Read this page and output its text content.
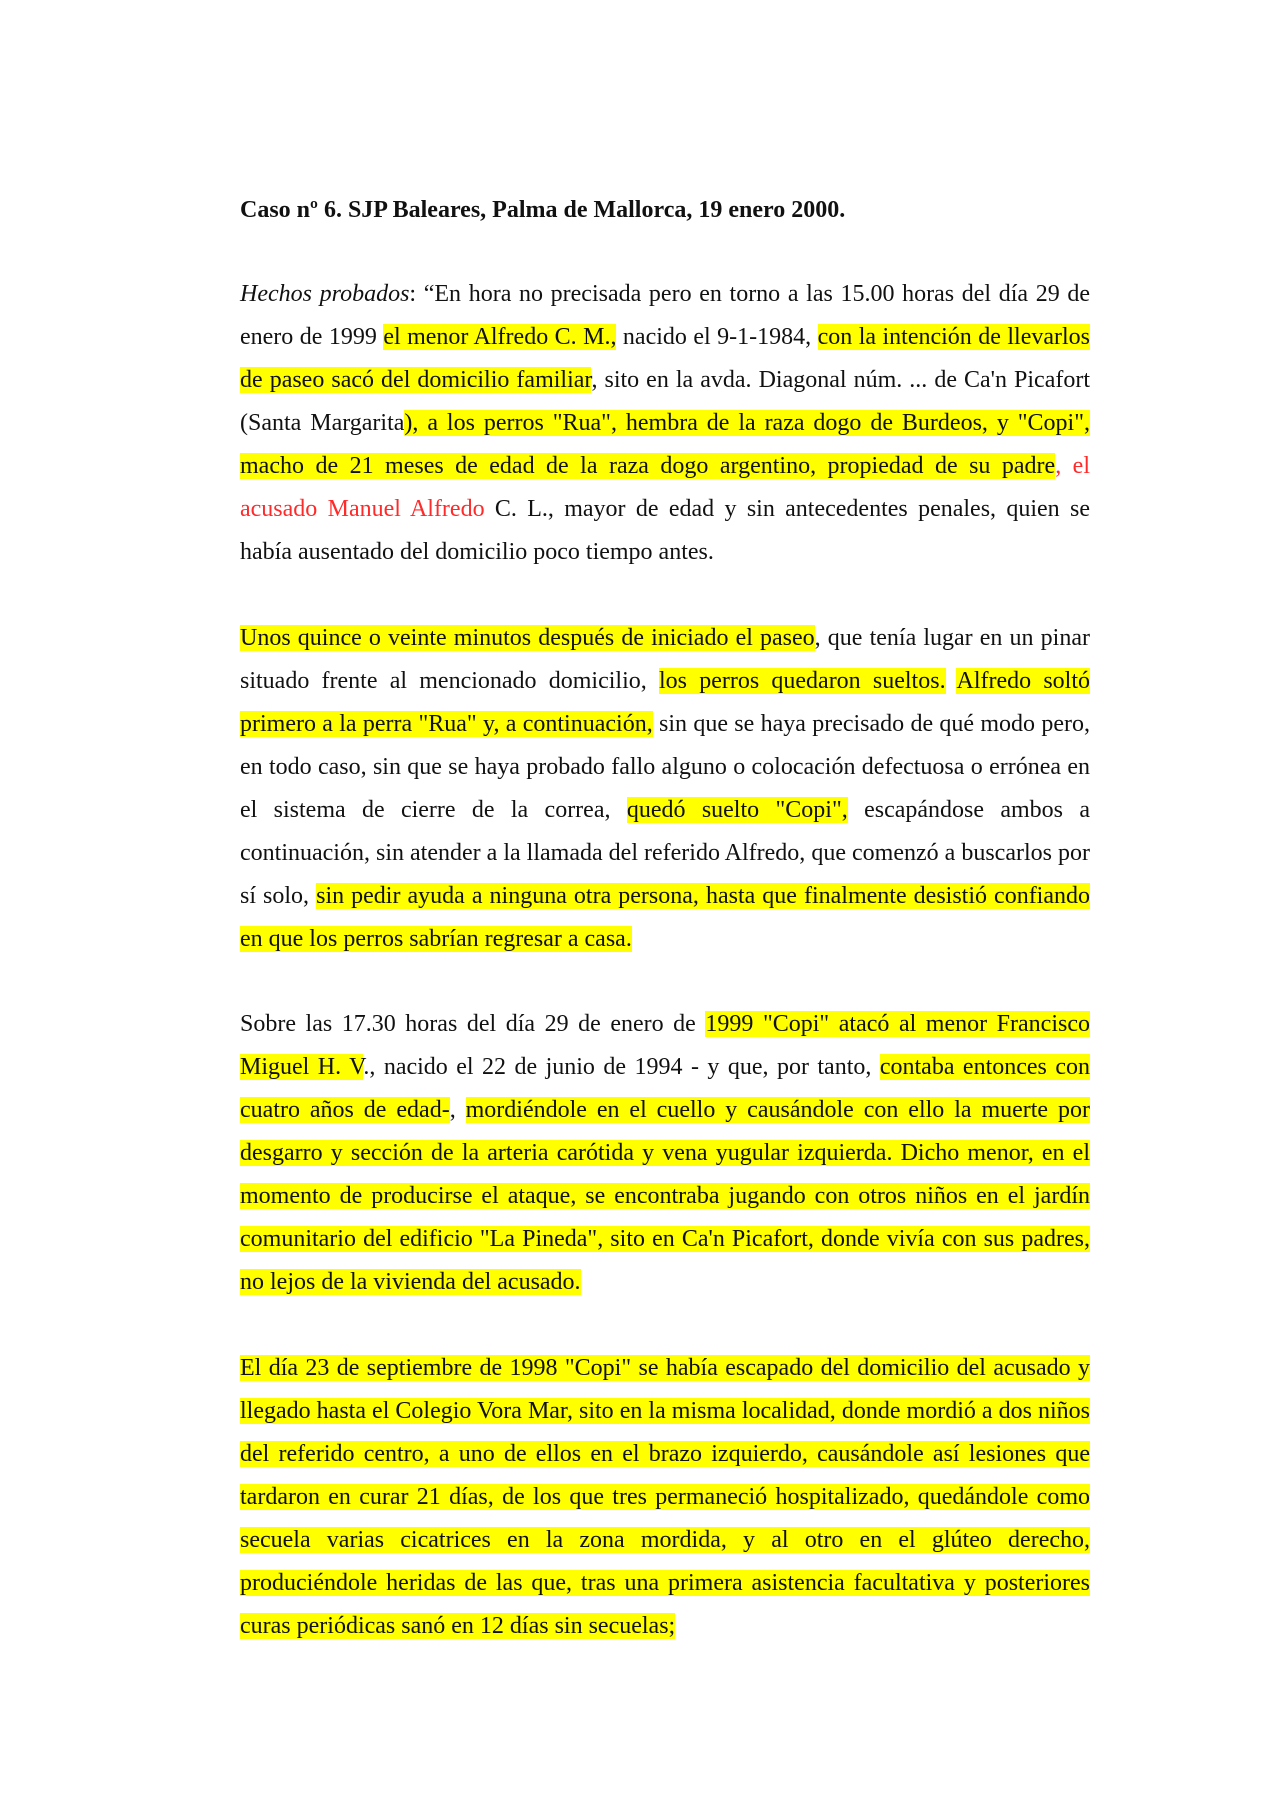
Caso nº 6. SJP Baleares, Palma de Mallorca, 19 enero 2000.

Hechos probados: “En hora no precisada pero en torno a las 15.00 horas del día 29 de enero de 1999 el menor Alfredo C. M., nacido el 9-1-1984, con la intención de llevarlos de paseo sacó del domicilio familiar, sito en la avda. Diagonal núm. ... de Ca'n Picafort (Santa Margarita), a los perros "Rua", hembra de la raza dogo de Burdeos, y "Copi", macho de 21 meses de edad de la raza dogo argentino, propiedad de su padre, el acusado Manuel Alfredo C. L., mayor de edad y sin antecedentes penales, quien se había ausentado del domicilio poco tiempo antes.

Unos quince o veinte minutos después de iniciado el paseo, que tenía lugar en un pinar situado frente al mencionado domicilio, los perros quedaron sueltos. Alfredo soltó primero a la perra "Rua" y, a continuación, sin que se haya precisado de qué modo pero, en todo caso, sin que se haya probado fallo alguno o colocación defectuosa o errónea en el sistema de cierre de la correa, quedó suelto "Copi", escapándose ambos a continuación, sin atender a la llamada del referido Alfredo, que comenzó a buscarlos por sí solo, sin pedir ayuda a ninguna otra persona, hasta que finalmente desistió confiando en que los perros sabrían regresar a casa.

Sobre las 17.30 horas del día 29 de enero de 1999 "Copi" atacó al menor Francisco Miguel H. V., nacido el 22 de junio de 1994 - y que, por tanto, contaba entonces con cuatro años de edad-, mordiéndole en el cuello y causándole con ello la muerte por desgarro y sección de la arteria carótida y vena yugular izquierda. Dicho menor, en el momento de producirse el ataque, se encontraba jugando con otros niños en el jardín comunitario del edificio "La Pineda", sito en Ca'n Picafort, donde vivía con sus padres, no lejos de la vivienda del acusado.

El día 23 de septiembre de 1998 "Copi" se había escapado del domicilio del acusado y llegado hasta el Colegio Vora Mar, sito en la misma localidad, donde mordió a dos niños del referido centro, a uno de ellos en el brazo izquierdo, causándole así lesiones que tardaron en curar 21 días, de los que tres permaneció hospitalizado, quedándole como secuela varias cicatrices en la zona mordida, y al otro en el glúteo derecho, produciéndole heridas de las que, tras una primera asistencia facultativa y posteriores curas periódicas sanó en 12 días sin secuelas;
